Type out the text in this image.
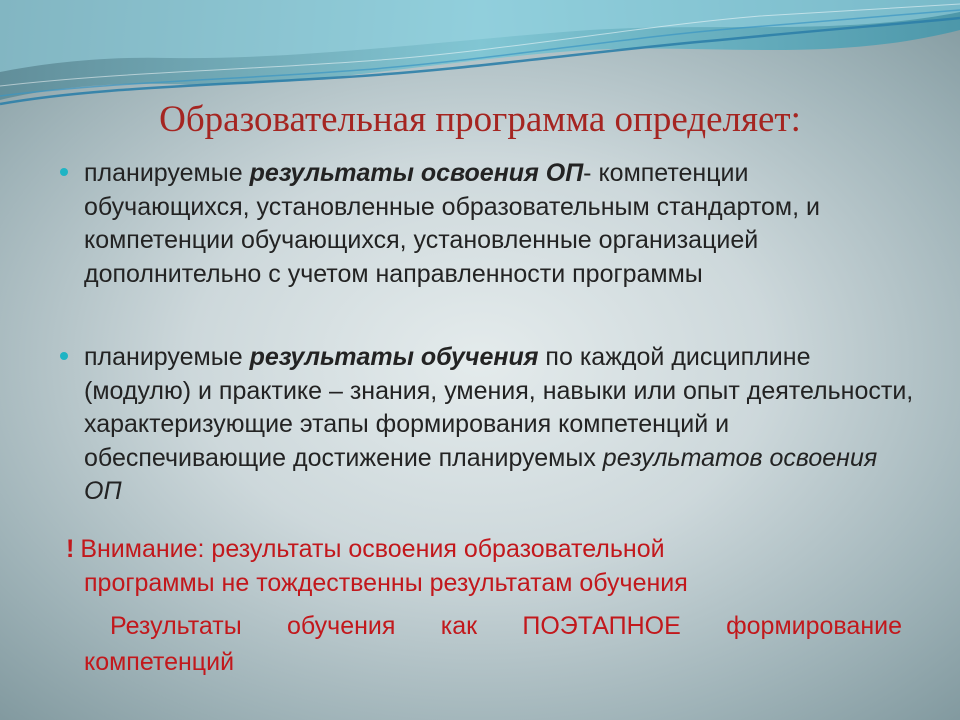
Образовательная программа определяет:

планируемые результаты освоения ОП- компетенции обучающихся, установленные образовательным стандартом, и компетенции обучающихся, установленные организацией дополнительно с учетом направленности программы

планируемые результаты обучения по каждой дисциплине (модулю) и практике – знания, умения, навыки или опыт деятельности, характеризующие этапы формирования компетенций и обеспечивающие достижение планируемых результатов освоения ОП

! Внимание: результаты освоения образовательной
программы не тождественны результатам обучения
Результаты обучения как ПОЭТАПНОЕ формирование
компетенций
